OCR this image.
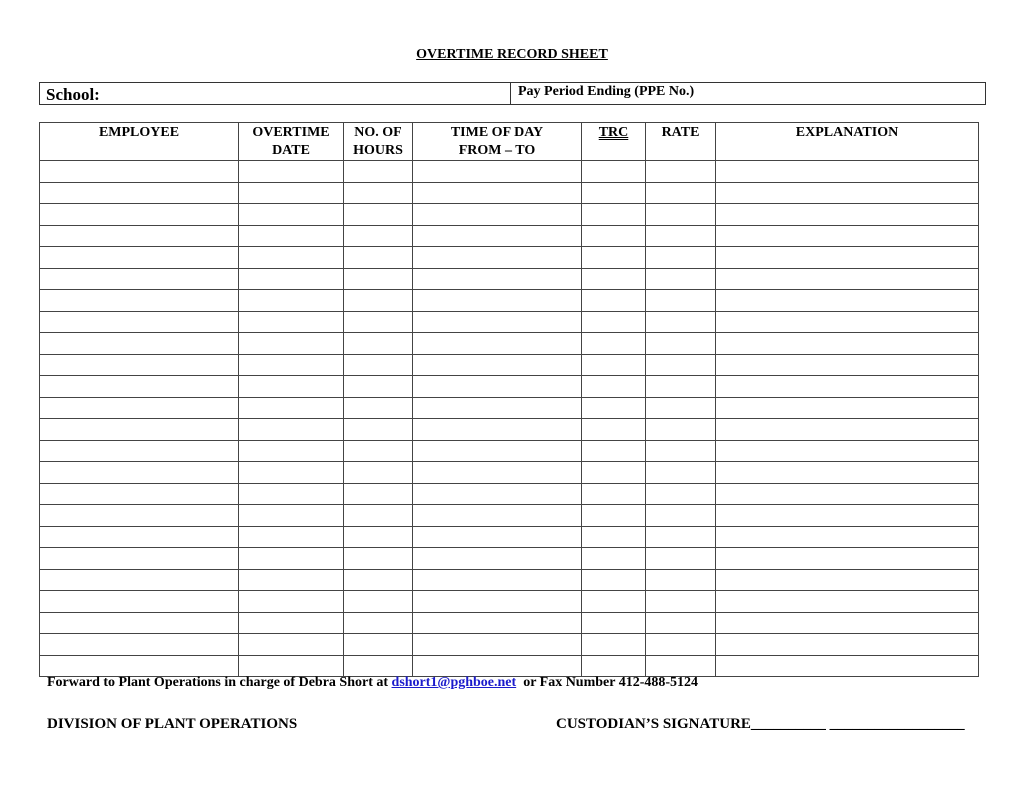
OVERTIME RECORD SHEET
School:	Pay Period Ending (PPE No.)
EMPLOYEE	OVERTIME DATE	NO. OF HOURS	TIME OF DAY FROM – TO	TRC	RATE	EXPLANATION

Forward to Plant Operations in charge of Debra Short at dshort1@pghboe.net  or Fax Number 412-488-5124
DIVISION OF PLANT OPERATIONS	CUSTODIAN’S SIGNATURE__________ __________________
